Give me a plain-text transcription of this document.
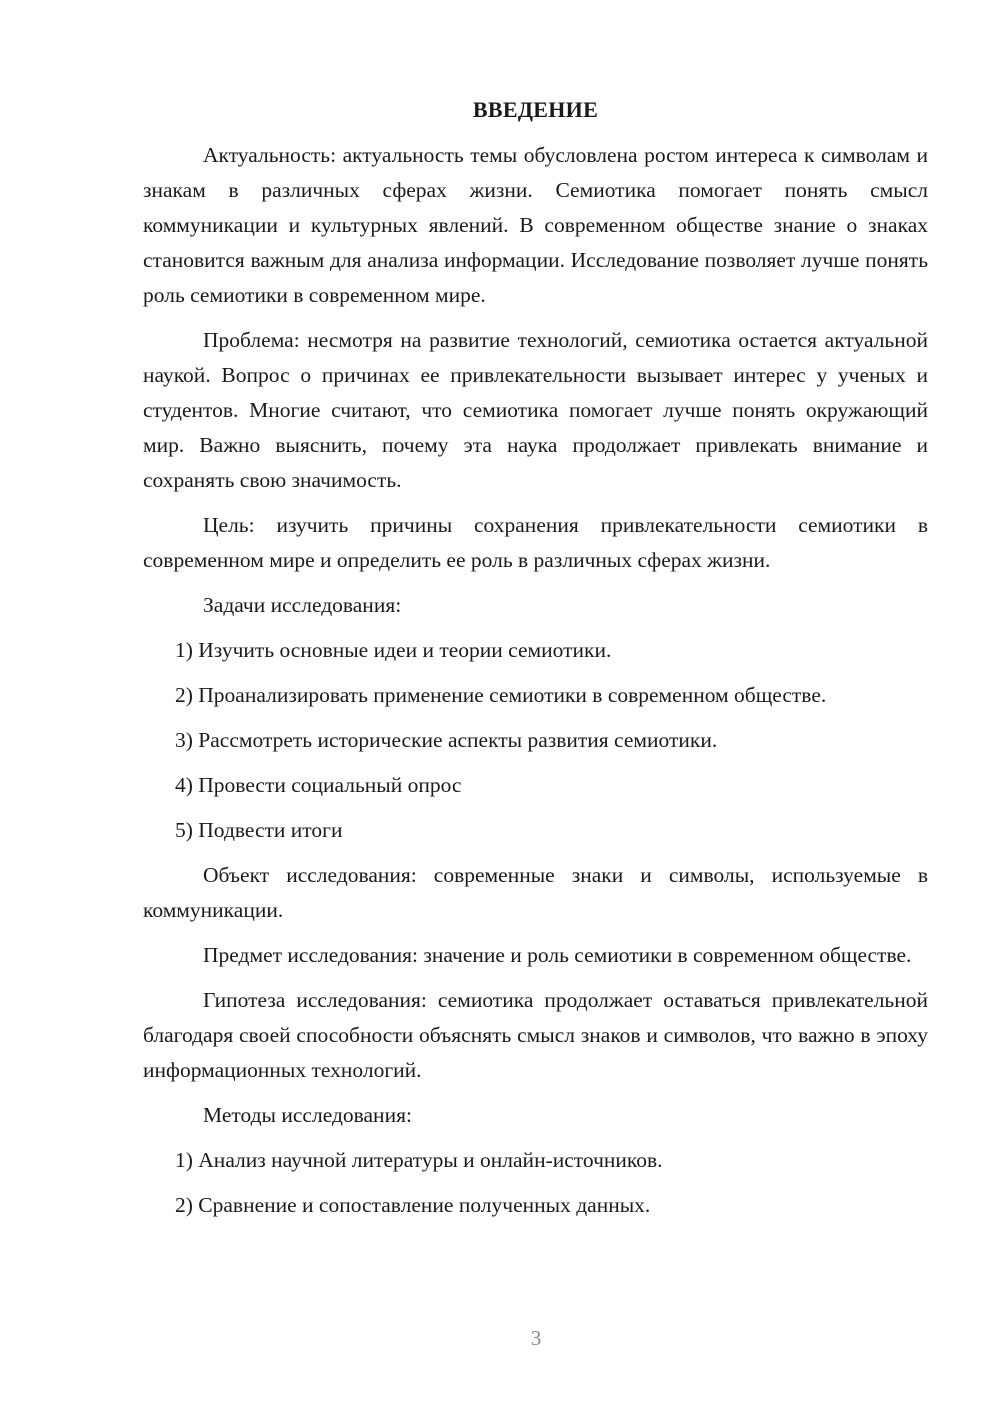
ВВЕДЕНИЕ

Актуальность: актуальность темы обусловлена ростом интереса к символам и знакам в различных сферах жизни. Семиотика помогает понять смысл коммуникации и культурных явлений. В современном обществе знание о знаках становится важным для анализа информации. Исследование позволяет лучше понять роль семиотики в современном мире.

Проблема: несмотря на развитие технологий, семиотика остается актуальной наукой. Вопрос о причинах ее привлекательности вызывает интерес у ученых и студентов. Многие считают, что семиотика помогает лучше понять окружающий мир. Важно выяснить, почему эта наука продолжает привлекать внимание и сохранять свою значимость.

Цель: изучить причины сохранения привлекательности семиотики в современном мире и определить ее роль в различных сферах жизни.

Задачи исследования:

1) Изучить основные идеи и теории семиотики.

2) Проанализировать применение семиотики в современном обществе.

3) Рассмотреть исторические аспекты развития семиотики.

4) Провести социальный опрос

5) Подвести итоги

Объект исследования: современные знаки и символы, используемые в коммуникации.

Предмет исследования: значение и роль семиотики в современном обществе.

Гипотеза исследования: семиотика продолжает оставаться привлекательной благодаря своей способности объяснять смысл знаков и символов, что важно в эпоху информационных технологий.

Методы исследования:

1) Анализ научной литературы и онлайн-источников.

2) Сравнение и сопоставление полученных данных.

3
